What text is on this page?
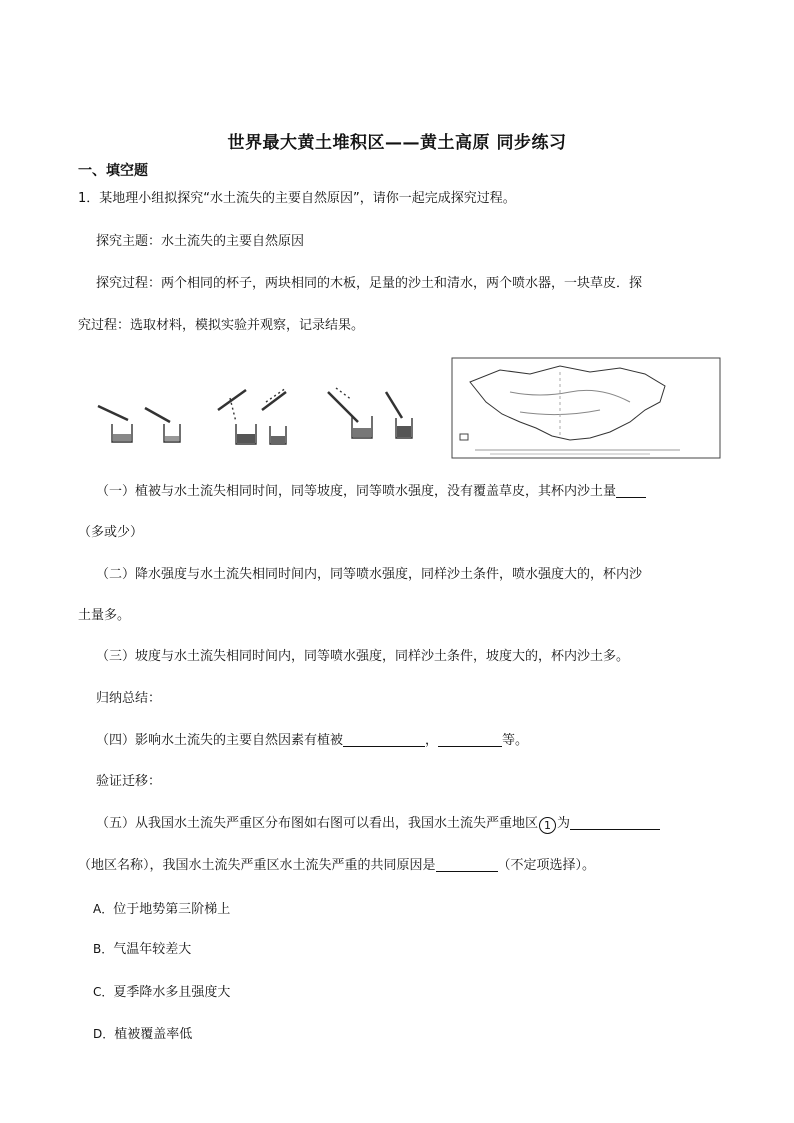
世界最大黄土堆积区——黄土高原 同步练习
一、填空题
1．某地理小组拟探究“水土流失的主要自然原因”，请你一起完成探究过程。
探究主题：水土流失的主要自然原因
探究过程：两个相同的杯子，两块相同的木板，足量的沙土和清水，两个喷水器，一块草皮．探
究过程：选取材料，模拟实验并观察，记录结果。
（一）植被与水土流失相同时间，同等坡度，同等喷水强度，没有覆盖草皮，其杯内沙土量
（多或少）
（二）降水强度与水土流失相同时间内，同等喷水强度，同样沙土条件，喷水强度大的，杯内沙
土量多。
（三）坡度与水土流失相同时间内，同等喷水强度，同样沙土条件，坡度大的，杯内沙土多。
归纳总结：
（四）影响水土流失的主要自然因素有植被	，	等。
验证迁移：
（五）从我国水土流失严重区分布图如右图可以看出，我国水土流失严重地区 1 为
（地区名称），我国水土流失严重区水土流失严重的共同原因是	（不定项选择）。
A．位于地势第三阶梯上
B．气温年较差大
C．夏季降水多且强度大
D．植被覆盖率低
